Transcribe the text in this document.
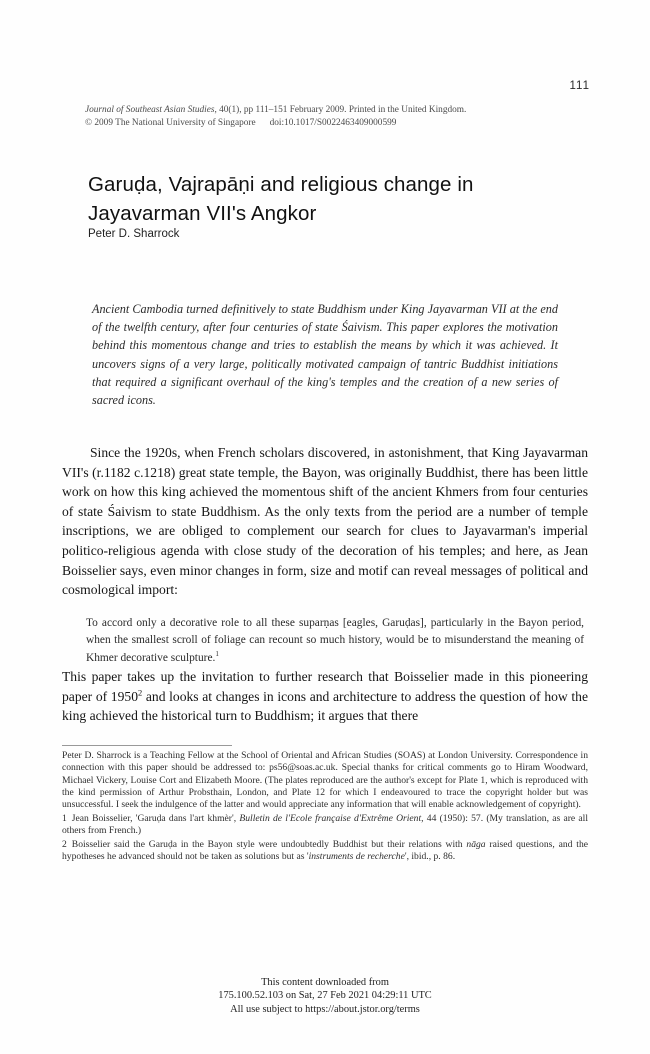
111
Journal of Southeast Asian Studies, 40(1), pp 111–151 February 2009. Printed in the United Kingdom.
© 2009 The National University of Singapore doi:10.1017/S0022463409000599
Garuḍa, Vajrapāṇi and religious change in Jayavarman VII's Angkor
Peter D. Sharrock
Ancient Cambodia turned definitively to state Buddhism under King Jayavarman VII at the end of the twelfth century, after four centuries of state Śaivism. This paper explores the motivation behind this momentous change and tries to establish the means by which it was achieved. It uncovers signs of a very large, politically motivated campaign of tantric Buddhist initiations that required a significant overhaul of the king's temples and the creation of a new series of sacred icons.

Since the 1920s, when French scholars discovered, in astonishment, that King Jayavarman VII's (r.1182 c.1218) great state temple, the Bayon, was originally Buddhist, there has been little work on how this king achieved the momentous shift of the ancient Khmers from four centuries of state Śaivism to state Buddhism. As the only texts from the period are a number of temple inscriptions, we are obliged to complement our search for clues to Jayavarman's imperial politico-religious agenda with close study of the decoration of his temples; and here, as Jean Boisselier says, even minor changes in form, size and motif can reveal messages of political and cosmological import:

To accord only a decorative role to all these suparṇas [eagles, Garuḍas], particularly in the Bayon period, when the smallest scroll of foliage can recount so much history, would be to misunderstand the meaning of Khmer decorative sculpture.$^1$

This paper takes up the invitation to further research that Boisselier made in this pioneering paper of 1950$^2$ and looks at changes in icons and architecture to address the question of how the king achieved the historical turn to Buddhism; it argues that there

Peter D. Sharrock is a Teaching Fellow at the School of Oriental and African Studies (SOAS) at London University. Correspondence in connection with this paper should be addressed to: ps56@soas.ac.uk. Special thanks for critical comments go to Hiram Woodward, Michael Vickery, Louise Cort and Elizabeth Moore. (The plates reproduced are the author's except for Plate 1, which is reproduced with the kind permission of Arthur Probsthain, London, and Plate 12 for which I endeavoured to trace the copyright holder but was unsuccessful. I seek the indulgence of the latter and would appreciate any information that will enable acknowledgement of copyright).

1 Jean Boisselier, 'Garuḍa dans l'art khmèr', Bulletin de l'Ecole française d'Extrême Orient, 44 (1950): 57. (My translation, as are all others from French.)

2 Boisselier said the Garuḍa in the Bayon style were undoubtedly Buddhist but their relations with nāga raised questions, and the hypotheses he advanced should not be taken as solutions but as 'instruments de recherche', ibid., p. 86.

This content downloaded from
175.100.52.103 on Sat, 27 Feb 2021 04:29:11 UTC
All use subject to https://about.jstor.org/terms
